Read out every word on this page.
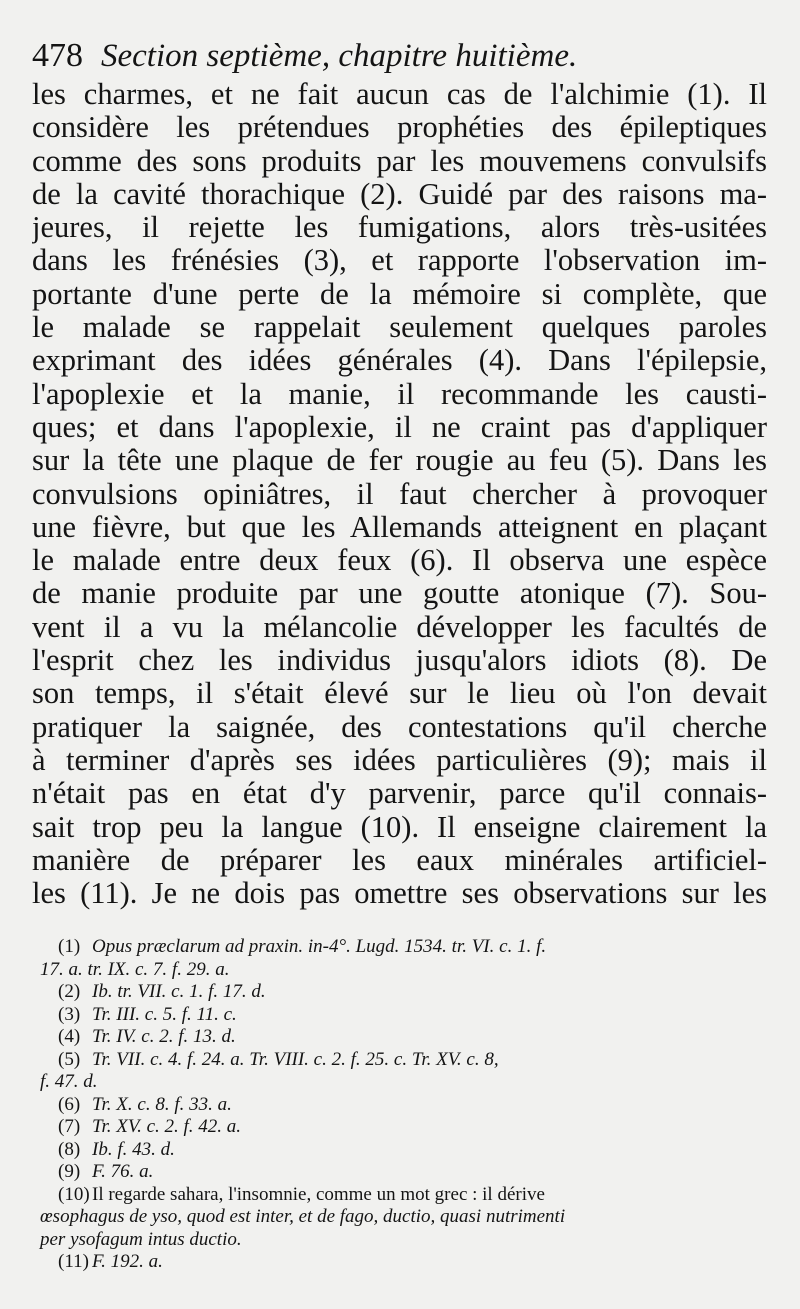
478 Section septième, chapitre huitième.
les charmes, et ne fait aucun cas de l'alchimie (1). Il
considère les prétendues prophéties des épileptiques
comme des sons produits par les mouvemens convulsifs
de la cavité thorachique (2). Guidé par des raisons ma-
jeures, il rejette les fumigations, alors très-usitées
dans les frénésies (3), et rapporte l'observation im-
portante d'une perte de la mémoire si complète, que
le malade se rappelait seulement quelques paroles
exprimant des idées générales (4). Dans l'épilepsie,
l'apoplexie et la manie, il recommande les causti-
ques; et dans l'apoplexie, il ne craint pas d'appliquer
sur la tête une plaque de fer rougie au feu (5). Dans les
convulsions opiniâtres, il faut chercher à provoquer
une fièvre, but que les Allemands atteignent en plaçant
le malade entre deux feux (6). Il observa une espèce
de manie produite par une goutte atonique (7). Sou-
vent il a vu la mélancolie développer les facultés de
l'esprit chez les individus jusqu'alors idiots (8). De
son temps, il s'était élevé sur le lieu où l'on devait
pratiquer la saignée, des contestations qu'il cherche
à terminer d'après ses idées particulières (9); mais il
n'était pas en état d'y parvenir, parce qu'il connais-
sait trop peu la langue (10). Il enseigne clairement la
manière de préparer les eaux minérales artificiel-
les (11). Je ne dois pas omettre ses observations sur les
(1) Opus præclarum ad praxin. in-4°. Lugd. 1534. tr. VI. c. 1. f.
17. a. tr. IX. c. 7. f. 29. a.
(2) Ib. tr. VII. c. 1. f. 17. d.
(3) Tr. III. c. 5. f. 11. c.
(4) Tr. IV. c. 2. f. 13. d.
(5) Tr. VII. c. 4. f. 24. a. Tr. VIII. c. 2. f. 25. c. Tr. XV. c. 8,
f. 47. d.
(6) Tr. X. c. 8. f. 33. a.
(7) Tr. XV. c. 2. f. 42. a.
(8) Ib. f. 43. d.
(9) F. 76. a.
(10) Il regarde sahara, l'insomnie, comme un mot grec : il dérive
œsophagus de yso, quod est inter, et de fago, ductio, quasi nutrimenti
per ysofagum intus ductio.
(11) F. 192. a.
